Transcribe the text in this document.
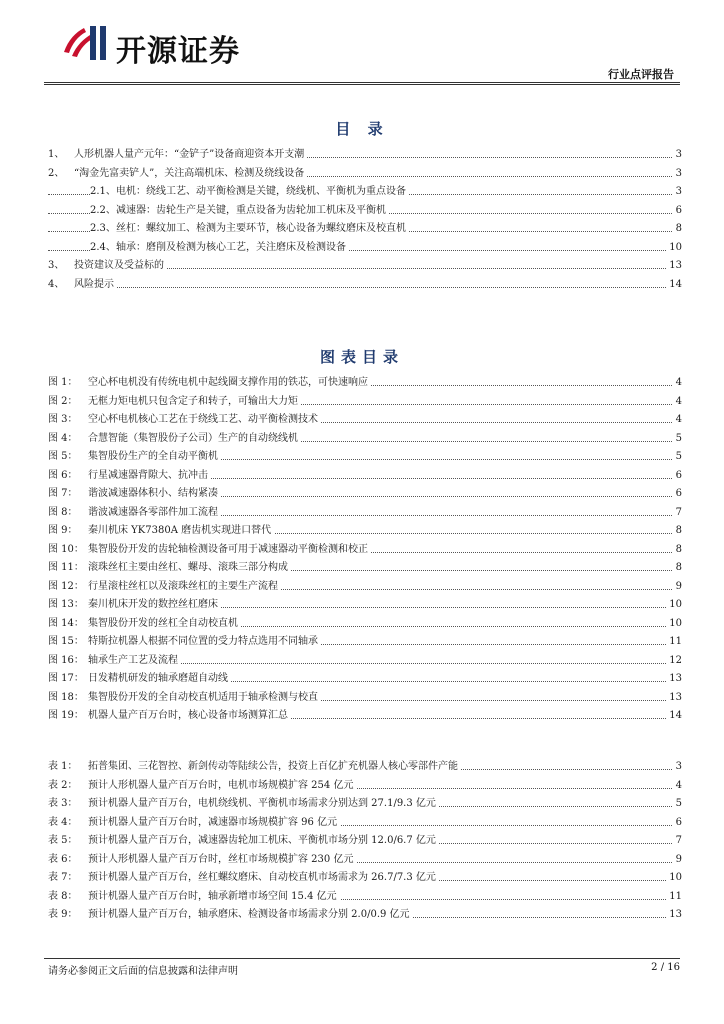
开源证券
行业点评报告
目 录
1、 人形机器人量产元年：“金铲子”设备商迎资本开支潮	3
2、 “淘金先富卖铲人”，关注高端机床、检测及绕线设备	3
2.1、电机：绕线工艺、动平衡检测是关键，绕线机、平衡机为重点设备	3
2.2、减速器：齿轮生产是关键，重点设备为齿轮加工机床及平衡机	6
2.3、丝杠：螺纹加工、检测为主要环节，核心设备为螺纹磨床及校直机	8
2.4、轴承：磨削及检测为核心工艺，关注磨床及检测设备	10
3、 投资建议及受益标的	13
4、 风险提示	14
图表目录
图 1： 空心杯电机没有传统电机中起线圈支撑作用的铁芯，可快速响应	4
图 2： 无框力矩电机只包含定子和转子，可输出大力矩	4
图 3： 空心杯电机核心工艺在于绕线工艺、动平衡检测技术	4
图 4： 合慧智能（集智股份子公司）生产的自动绕线机	5
图 5： 集智股份生产的全自动平衡机	5
图 6： 行星减速器背隙大、抗冲击	6
图 7： 谐波减速器体积小、结构紧凑	6
图 8： 谐波减速器各零部件加工流程	7
图 9： 秦川机床 YK7380A 磨齿机实现进口替代	8
图 10： 集智股份开发的齿轮轴检测设备可用于减速器动平衡检测和校正	8
图 11： 滚珠丝杠主要由丝杠、螺母、滚珠三部分构成	8
图 12： 行星滚柱丝杠以及滚珠丝杠的主要生产流程	9
图 13： 秦川机床开发的数控丝杠磨床	10
图 14： 集智股份开发的丝杠全自动校直机	10
图 15： 特斯拉机器人根据不同位置的受力特点选用不同轴承	11
图 16： 轴承生产工艺及流程	12
图 17： 日发精机研发的轴承磨超自动线	13
图 18： 集智股份开发的全自动校直机适用于轴承检测与校直	13
图 19： 机器人量产百万台时，核心设备市场测算汇总	14
表 1： 拓普集团、三花智控、新剑传动等陆续公告，投资上百亿扩充机器人核心零部件产能	3
表 2： 预计人形机器人量产百万台时，电机市场规模扩容 254 亿元	4
表 3： 预计机器人量产百万台，电机绕线机、平衡机市场需求分别达到 27.1/9.3 亿元	5
表 4： 预计机器人量产百万台时，减速器市场规模扩容 96 亿元	6
表 5： 预计机器人量产百万台，减速器齿轮加工机床、平衡机市场分别 12.0/6.7 亿元	7
表 6： 预计人形机器人量产百万台时，丝杠市场规模扩容 230 亿元	9
表 7： 预计机器人量产百万台，丝杠螺纹磨床、自动校直机市场需求为 26.7/7.3 亿元	10
表 8： 预计机器人量产百万台时，轴承新增市场空间 15.4 亿元	11
表 9： 预计机器人量产百万台，轴承磨床、检测设备市场需求分别 2.0/0.9 亿元	13
请务必参阅正文后面的信息披露和法律声明	2 / 16
